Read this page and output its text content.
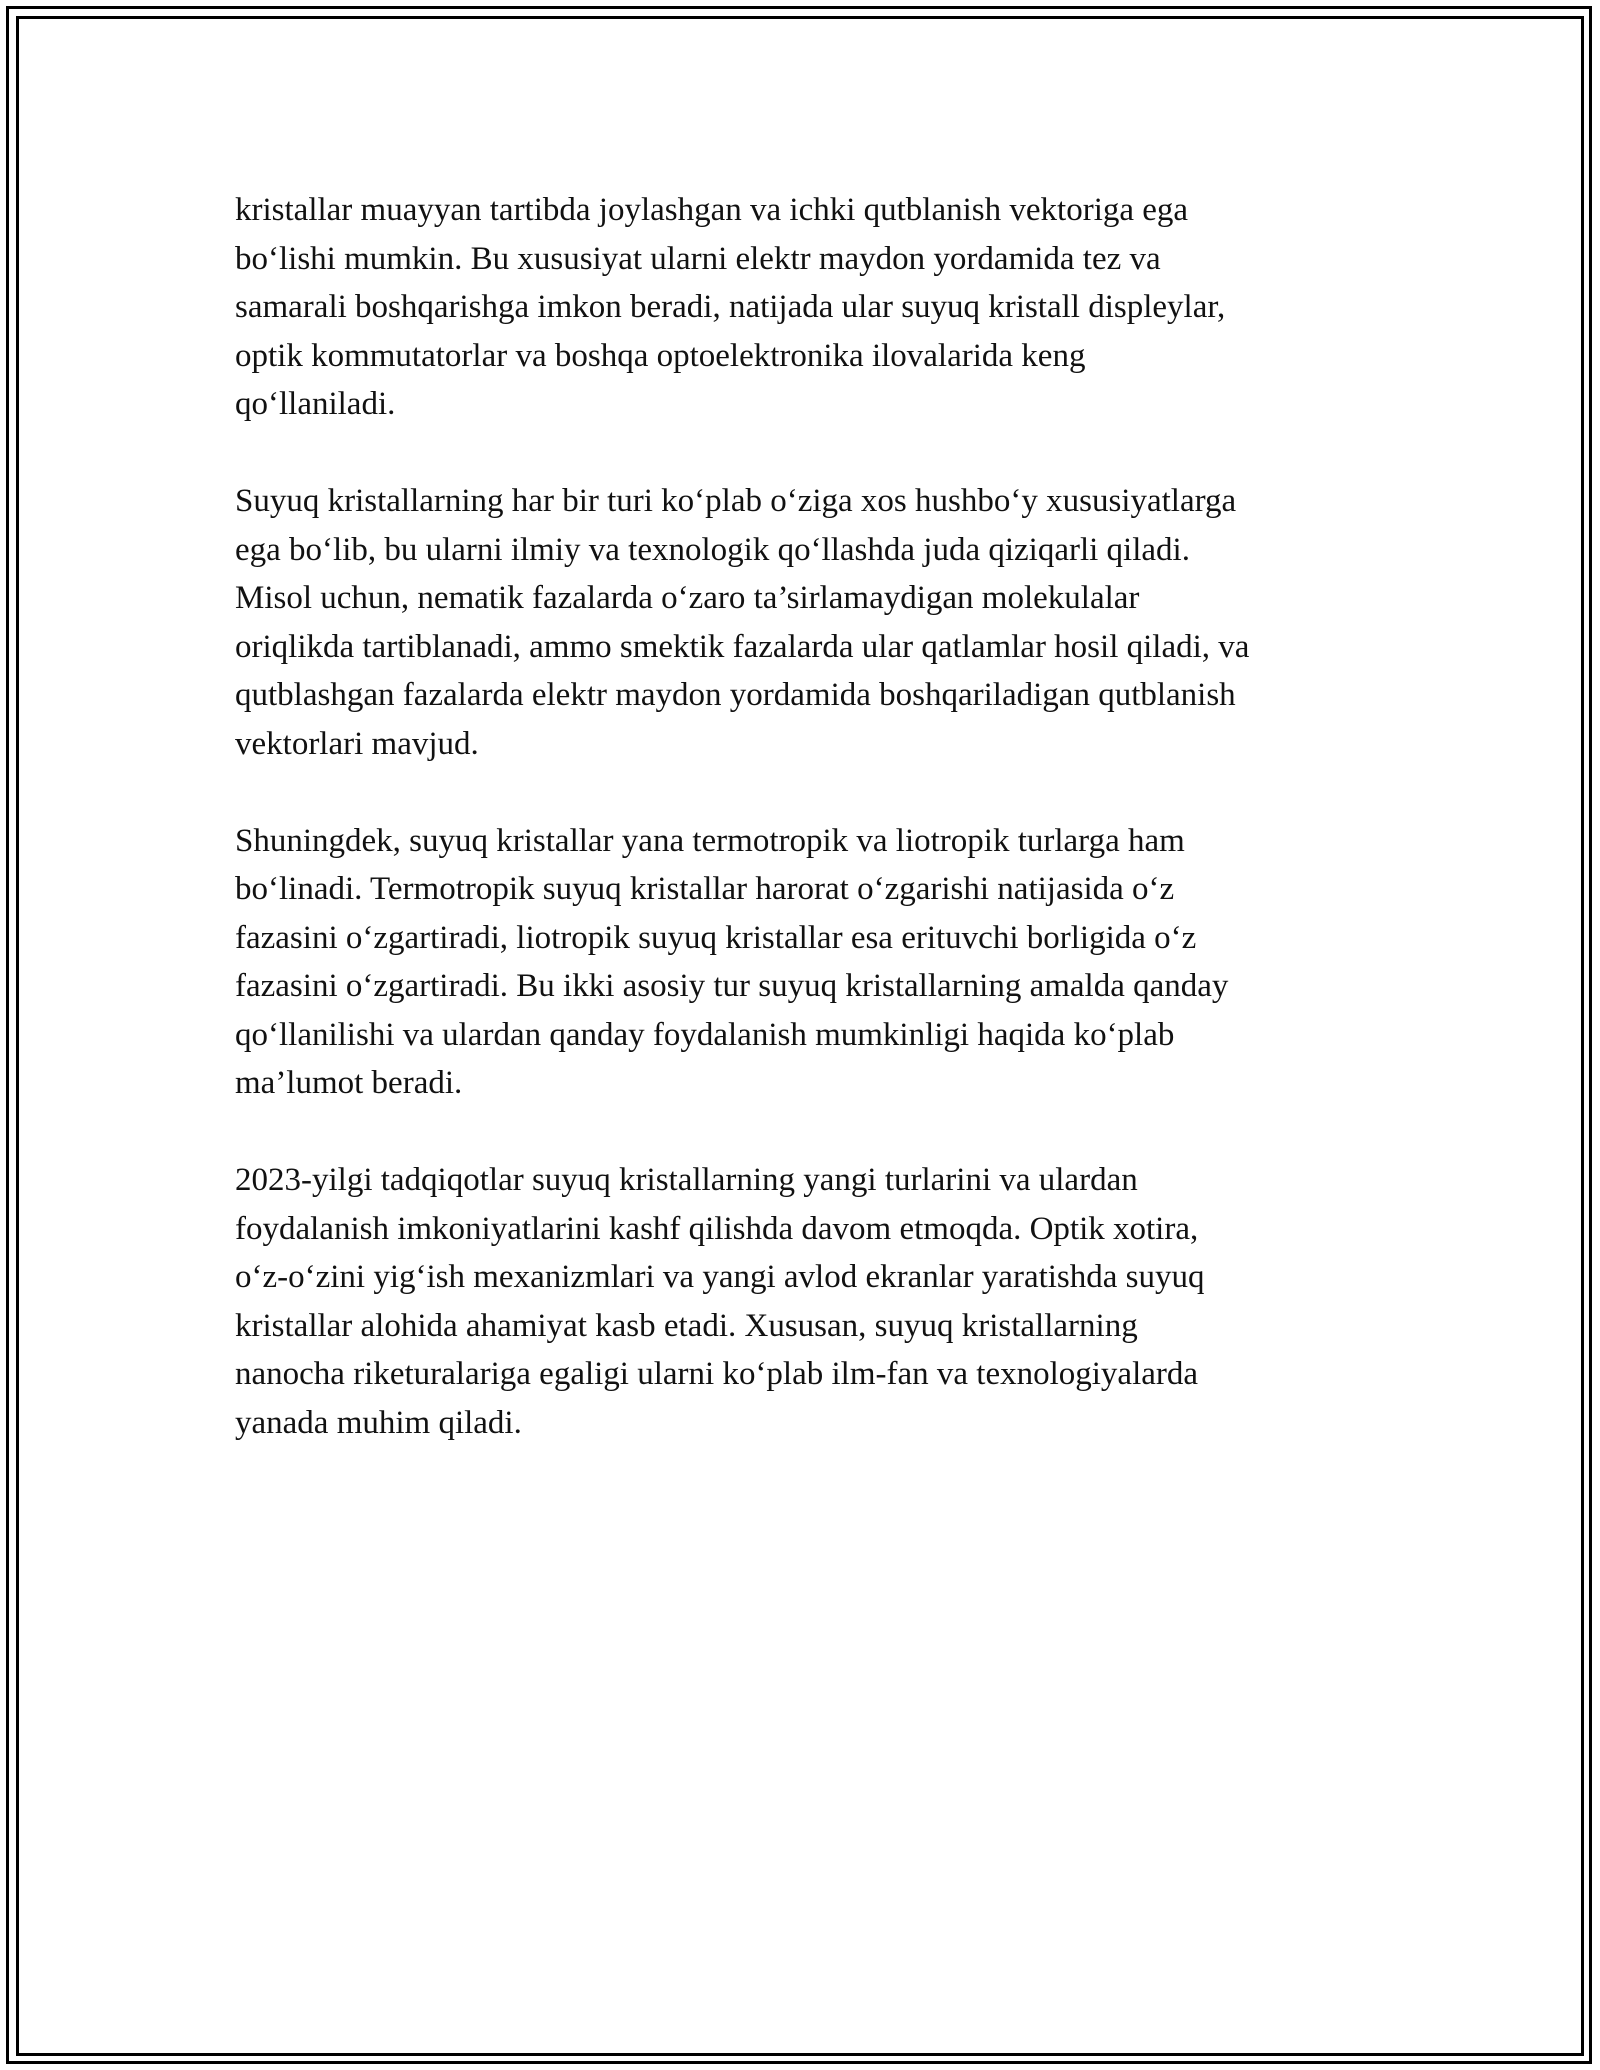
kristallar muayyan tartibda joylashgan va ichki qutblanish vektoriga ega
bo‘lishi mumkin. Bu xususiyat ularni elektr maydon yordamida tez va
samarali boshqarishga imkon beradi, natijada ular suyuq kristall displeylar,
optik kommutatorlar va boshqa optoelektronika ilovalarida keng
qo‘llaniladi.

Suyuq kristallarning har bir turi ko‘plab o‘ziga xos hushbo‘y xususiyatlarga
ega bo‘lib, bu ularni ilmiy va texnologik qo‘llashda juda qiziqarli qiladi.
Misol uchun, nematik fazalarda o‘zaro ta’sirlamaydigan molekulalar
oriqlikda tartiblanadi, ammo smektik fazalarda ular qatlamlar hosil qiladi, va
qutblashgan fazalarda elektr maydon yordamida boshqariladigan qutblanish
vektorlari mavjud.

Shuningdek, suyuq kristallar yana termotropik va liotropik turlarga ham
bo‘linadi. Termotropik suyuq kristallar harorat o‘zgarishi natijasida o‘z
fazasini o‘zgartiradi, liotropik suyuq kristallar esa erituvchi borligida o‘z
fazasini o‘zgartiradi. Bu ikki asosiy tur suyuq kristallarning amalda qanday
qo‘llanilishi va ulardan qanday foydalanish mumkinligi haqida ko‘plab
ma’lumot beradi.

2023-yilgi tadqiqotlar suyuq kristallarning yangi turlarini va ulardan
foydalanish imkoniyatlarini kashf qilishda davom etmoqda. Optik xotira,
o‘z-o‘zini yig‘ish mexanizmlari va yangi avlod ekranlar yaratishda suyuq
kristallar alohida ahamiyat kasb etadi. Xususan, suyuq kristallarning
nanocha riketuralariga egaligi ularni ko‘plab ilm-fan va texnologiyalarda
yanada muhim qiladi.
